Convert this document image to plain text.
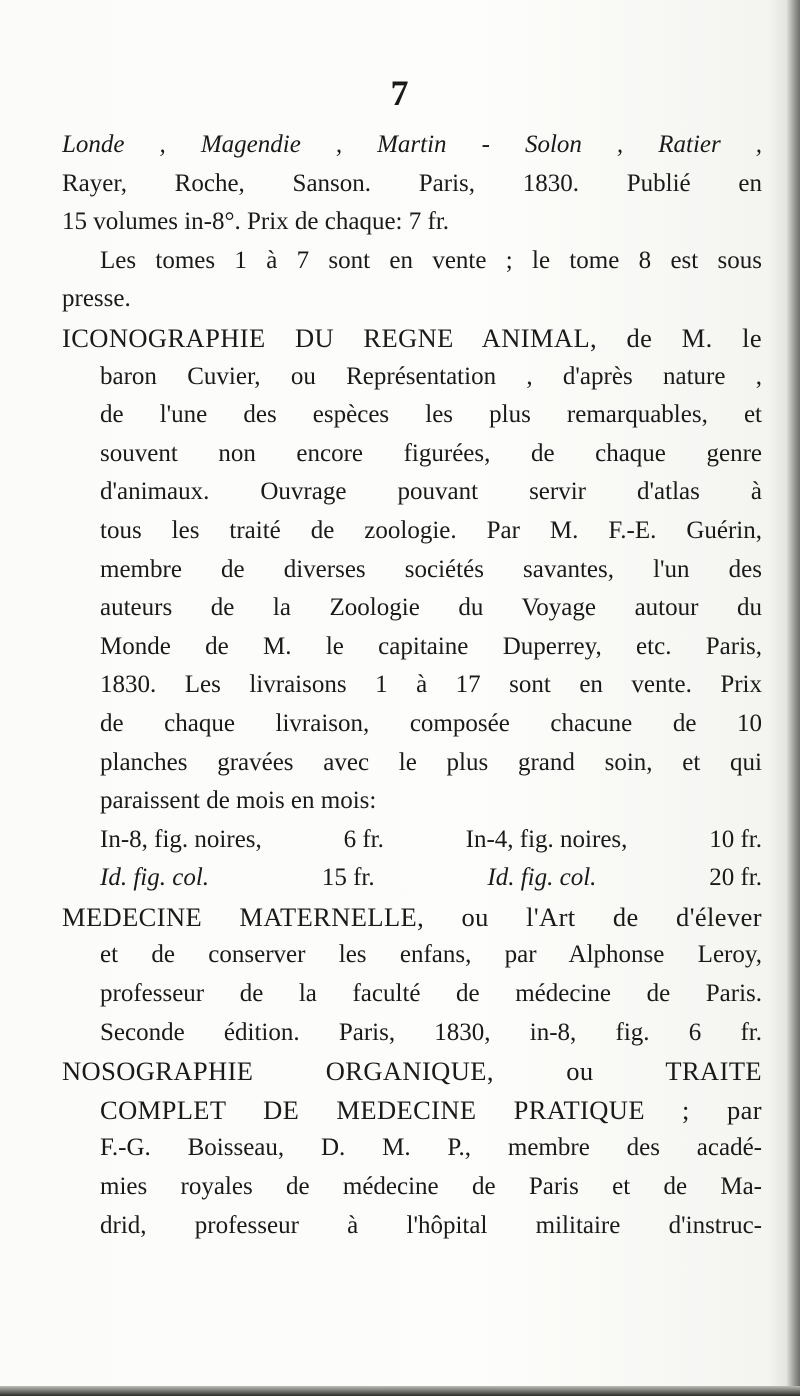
7
Londe , Magendie , Martin - Solon , Ratier ,
Rayer, Roche, Sanson. Paris, 1830. Publié en
15 volumes in-8°. Prix de chaque: 7 fr.
Les tomes 1 à 7 sont en vente ; le tome 8 est sous
presse.
ICONOGRAPHIE DU REGNE ANIMAL, de M. le
baron Cuvier, ou Représentation , d'après nature ,
de l'une des espèces les plus remarquables, et
souvent non encore figurées, de chaque genre
d'animaux. Ouvrage pouvant servir d'atlas à
tous les traité de zoologie. Par M. F.-E. Guérin,
membre de diverses sociétés savantes, l'un des
auteurs de la Zoologie du Voyage autour du
Monde de M. le capitaine Duperrey, etc. Paris,
1830. Les livraisons 1 à 17 sont en vente. Prix
de chaque livraison, composée chacune de 10
planches gravées avec le plus grand soin, et qui
paraissent de mois en mois:
In-8, fig. noires,	6 fr.	In-4, fig. noires,	10 fr.
Id. fig. col.	15 fr.	Id. fig. col.	20 fr.
MEDECINE MATERNELLE, ou l'Art de d'élever
et de conserver les enfans, par Alphonse Leroy,
professeur de la faculté de médecine de Paris.
Seconde édition. Paris, 1830, in-8, fig. 6 fr.
NOSOGRAPHIE ORGANIQUE, ou TRAITE
COMPLET DE MEDECINE PRATIQUE ; par
F.-G. Boisseau, D. M. P., membre des acadé-
mies royales de médecine de Paris et de Ma-
drid, professeur à l'hôpital militaire d'instruc-
